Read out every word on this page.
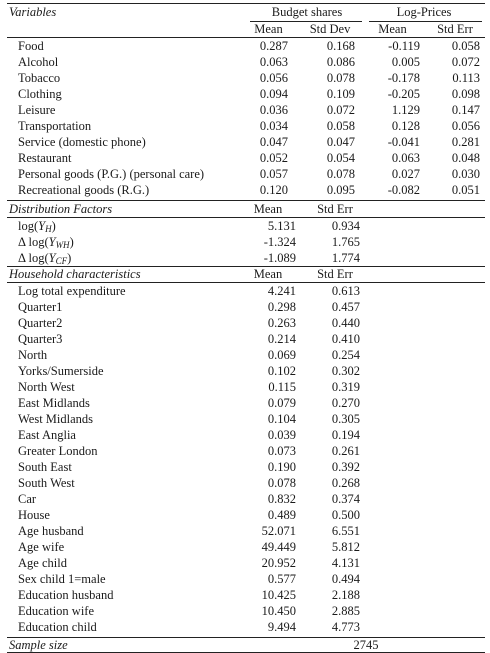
Variables	Budget shares	Log-Prices
Mean	Std Dev	Mean	Std Err
Food	0.287	0.168	-0.119	0.058
Alcohol	0.063	0.086	0.005	0.072
Tobacco	0.056	0.078	-0.178	0.113
Clothing	0.094	0.109	-0.205	0.098
Leisure	0.036	0.072	1.129	0.147
Transportation	0.034	0.058	0.128	0.056
Service (domestic phone)	0.047	0.047	-0.041	0.281
Restaurant	0.052	0.054	0.063	0.048
Personal goods (P.G.) (personal care)	0.057	0.078	0.027	0.030
Recreational goods (R.G.)	0.120	0.095	-0.082	0.051
Distribution Factors	Mean	Std Err
$\log(Y_H)$	5.131	0.934
Δ $\log(Y_{WH})$	-1.324	1.765
Δ $\log(Y_{CF})$	-1.089	1.774
Household characteristics	Mean	Std Err
Log total expenditure	4.241	0.613
Quarter1	0.298	0.457
Quarter2	0.263	0.440
Quarter3	0.214	0.410
North	0.069	0.254
Yorks/Sumerside	0.102	0.302
North West	0.115	0.319
East Midlands	0.079	0.270
West Midlands	0.104	0.305
East Anglia	0.039	0.194
Greater London	0.073	0.261
South East	0.190	0.392
South West	0.078	0.268
Car	0.832	0.374
House	0.489	0.500
Age husband	52.071	6.551
Age wife	49.449	5.812
Age child	20.952	4.131
Sex child 1=male	0.577	0.494
Education husband	10.425	2.188
Education wife	10.450	2.885
Education child	9.494	4.773
Sample size	2745
